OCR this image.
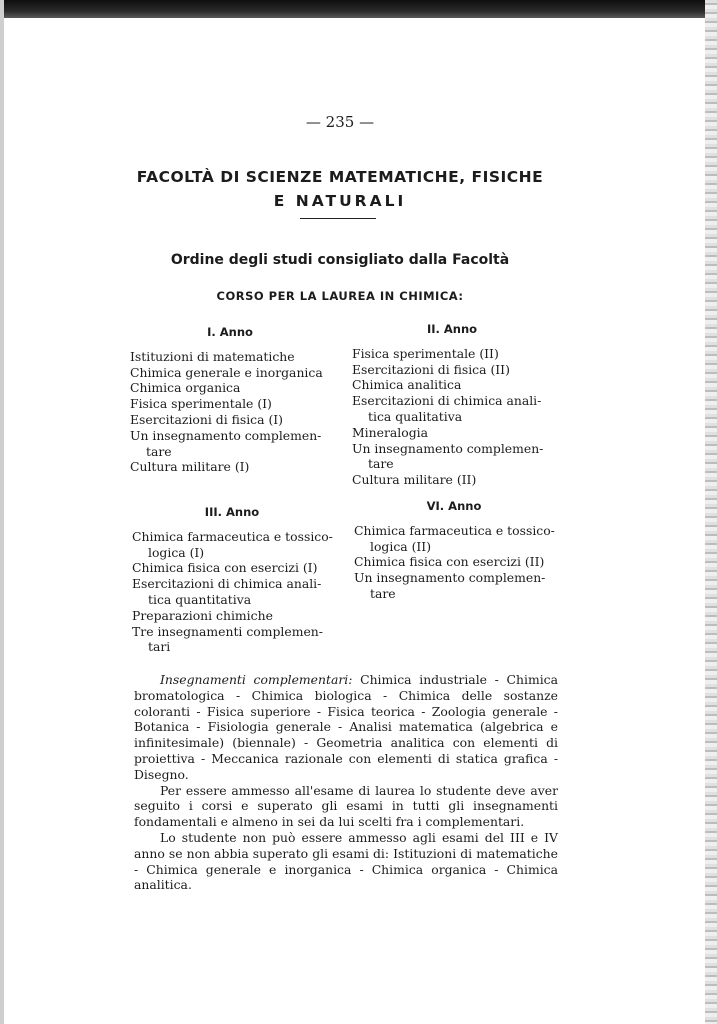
— 235 —
FACOLTÀ DI SCIENZE MATEMATICHE, FISICHE
E NATURALI
Ordine degli studi consigliato dalla Facoltà
CORSO PER LA LAUREA IN CHIMICA:
I. Anno
Istituzioni di matematiche
Chimica generale e inorganica
Chimica organica
Fisica sperimentale (I)
Esercitazioni di fisica (I)
Un insegnamento complemen-
tare
Cultura militare (I)
II. Anno
Fisica sperimentale (II)
Esercitazioni di fisica (II)
Chimica analitica
Esercitazioni di chimica anali-
tica qualitativa
Mineralogia
Un insegnamento complemen-
tare
Cultura militare (II)
III. Anno
Chimica farmaceutica e tossico-
logica (I)
Chimica fisica con esercizi (I)
Esercitazioni di chimica anali-
tica quantitativa
Preparazioni chimiche
Tre insegnamenti complemen-
tari
VI. Anno
Chimica farmaceutica e tossico-
logica (II)
Chimica fisica con esercizi (II)
Un insegnamento complemen-
tare

Insegnamenti complementari: Chimica industriale - Chimica bromatologica - Chimica biologica - Chimica delle sostanze coloranti - Fisica superiore - Fisica teorica - Zoologia generale - Botanica - Fisiologia generale - Analisi matematica (algebrica e infinitesimale) (biennale) - Geometria analitica con elementi di proiettiva - Meccanica razionale con elementi di statica grafica - Disegno.

Per essere ammesso all'esame di laurea lo studente deve aver seguito i corsi e superato gli esami in tutti gli insegnamenti fondamentali e almeno in sei da lui scelti fra i complementari.

Lo studente non può essere ammesso agli esami del III e IV anno se non abbia superato gli esami di: Istituzioni di matematiche - Chimica generale e inorganica - Chimica organica - Chimica analitica.
